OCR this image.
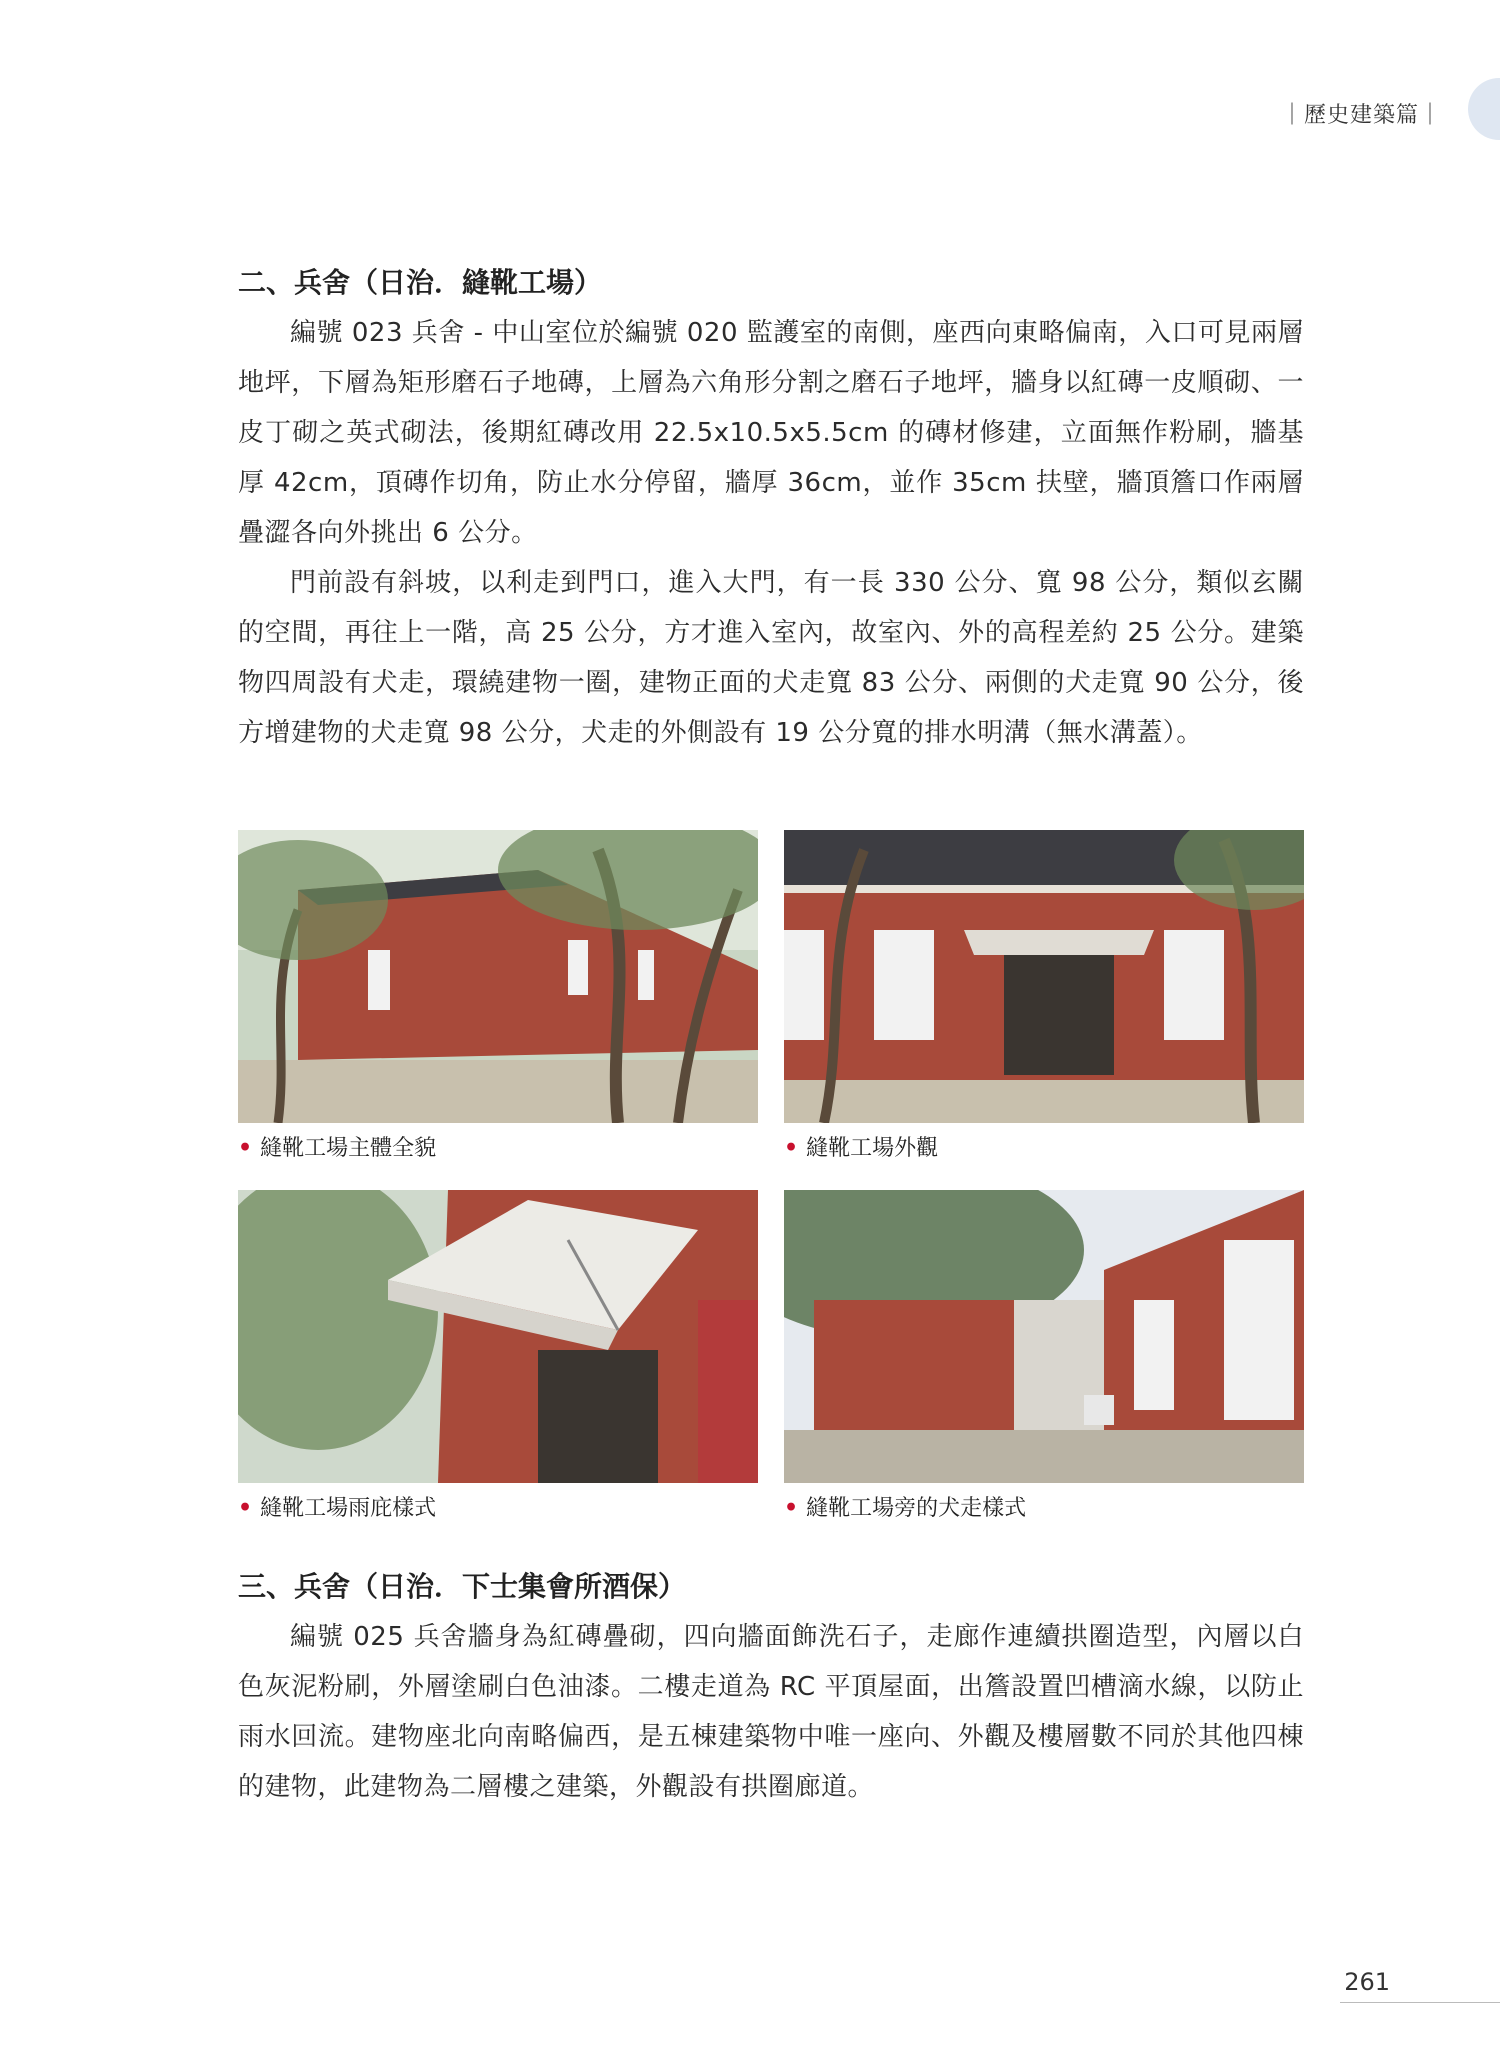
｜歷史建築篇｜
二、兵舍（日治．縫靴工場）

編號 023 兵舍 - 中山室位於編號 020 監護室的南側，座西向東略偏南，入口可見兩層地坪，下層為矩形磨石子地磚，上層為六角形分割之磨石子地坪，牆身以紅磚一皮順砌、一皮丁砌之英式砌法，後期紅磚改用 22.5x10.5x5.5cm 的磚材修建，立面無作粉刷，牆基厚 42cm，頂磚作切角，防止水分停留，牆厚 36cm，並作 35cm 扶壁，牆頂簷口作兩層疊澀各向外挑出 6 公分。

門前設有斜坡，以利走到門口，進入大門，有一長 330 公分、寬 98 公分，類似玄關的空間，再往上一階，高 25 公分，方才進入室內，故室內、外的高程差約 25 公分。建築物四周設有犬走，環繞建物一圈，建物正面的犬走寬 83 公分、兩側的犬走寬 90 公分，後方增建物的犬走寬 98 公分，犬走的外側設有 19 公分寬的排水明溝（無水溝蓋）。

• 縫靴工場主體全貌	• 縫靴工場外觀
• 縫靴工場雨庇樣式	• 縫靴工場旁的犬走樣式
三、兵舍（日治．下士集會所酒保）

編號 025 兵舍牆身為紅磚疊砌，四向牆面飾洗石子，走廊作連續拱圈造型，內層以白色灰泥粉刷，外層塗刷白色油漆。二樓走道為 RC 平頂屋面，出簷設置凹槽滴水線，以防止雨水回流。建物座北向南略偏西，是五棟建築物中唯一座向、外觀及樓層數不同於其他四棟的建物，此建物為二層樓之建築，外觀設有拱圈廊道。

261
